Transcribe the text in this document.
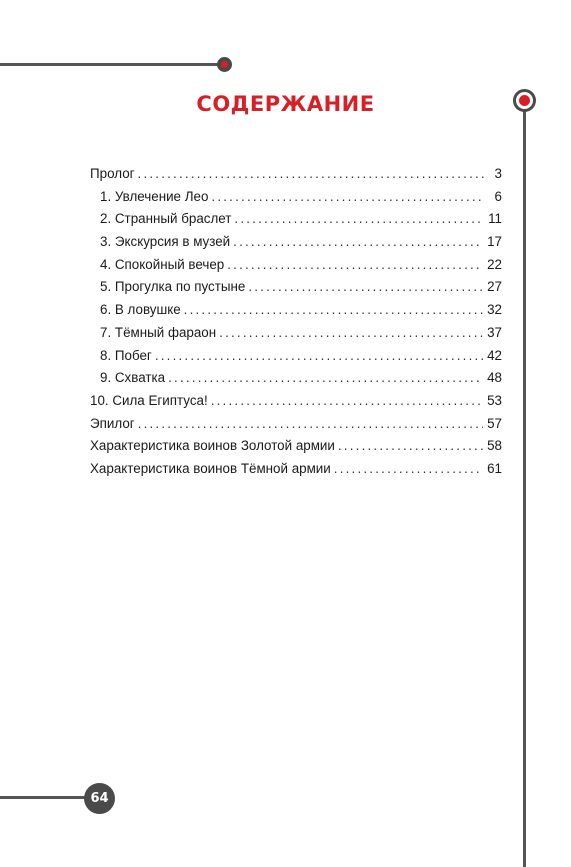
СОДЕРЖАНИЕ
Пролог .....	3
1. Увлечение Лео .....	6
2. Странный браслет .....	11
3. Экскурсия в музей .....	17
4. Спокойный вечер .....	22
5. Прогулка по пустыне .....	27
6. В ловушке .....	32
7. Тёмный фараон .....	37
8. Побег .....	42
9. Схватка .....	48
10. Сила Египтуса! .....	53
Эпилог .....	57
Характеристика воинов Золотой армии .....	58
Характеристика воинов Тёмной армии .....	61
64
